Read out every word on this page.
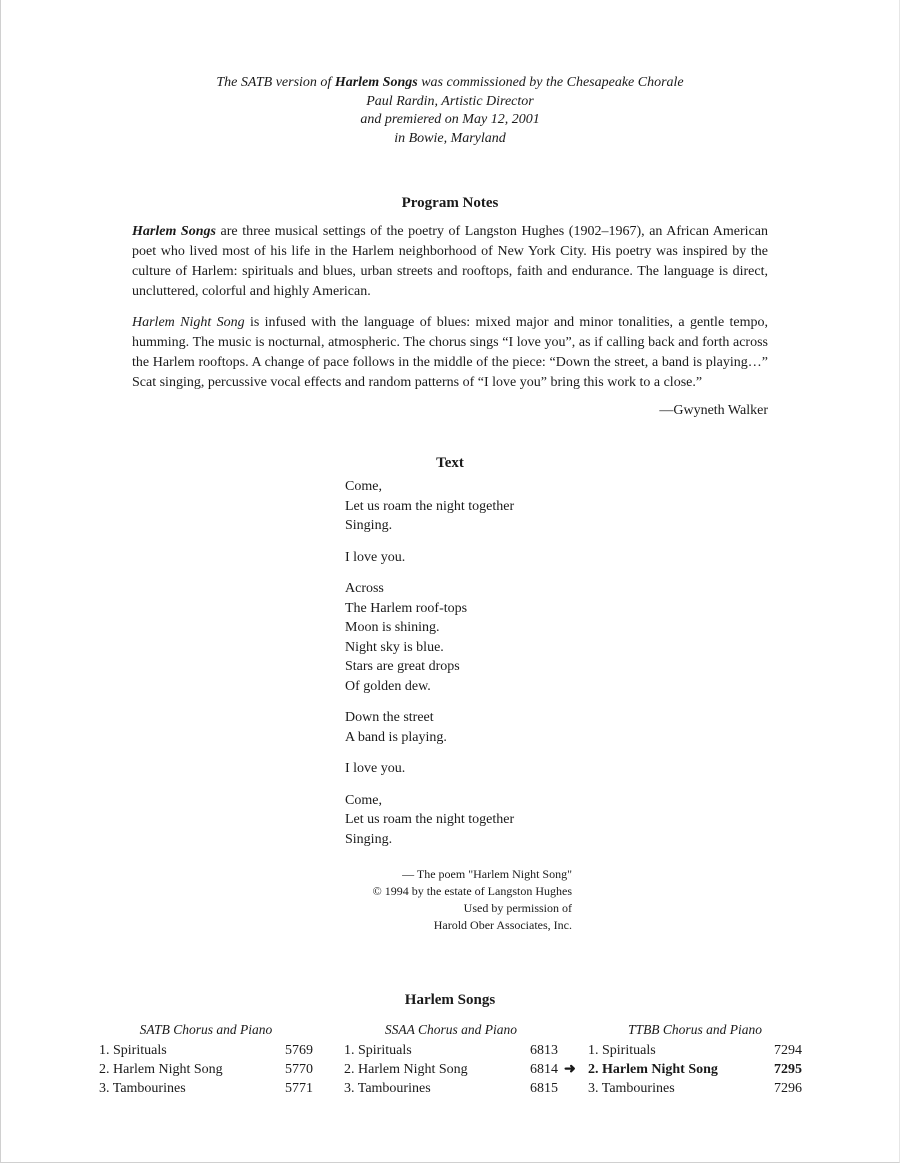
The SATB version of Harlem Songs was commissioned by the Chesapeake Chorale
Paul Rardin, Artistic Director
and premiered on May 12, 2001
in Bowie, Maryland
Program Notes

Harlem Songs are three musical settings of the poetry of Langston Hughes (1902–1967), an African American poet who lived most of his life in the Harlem neighborhood of New York City. His poetry was inspired by the culture of Harlem: spirituals and blues, urban streets and rooftops, faith and endurance. The language is direct, uncluttered, colorful and highly American.

Harlem Night Song is infused with the language of blues: mixed major and minor tonalities, a gentle tempo, humming. The music is nocturnal, atmospheric. The chorus sings “I love you”, as if calling back and forth across the Harlem rooftops. A change of pace follows in the middle of the piece: “Down the street, a band is playing…” Scat singing, percussive vocal effects and random patterns of “I love you” bring this work to a close.”

—Gwyneth Walker
Text
Come,
Let us roam the night together
Singing.
I love you.
Across
The Harlem roof-tops
Moon is shining.
Night sky is blue.
Stars are great drops
Of golden dew.
Down the street
A band is playing.
I love you.
Come,
Let us roam the night together
Singing.
— The poem "Harlem Night Song"
© 1994 by the estate of Langston Hughes
Used by permission of
Harold Ober Associates, Inc.
Harlem Songs
SATB Chorus and Piano
1. Spirituals	5769
2. Harlem Night Song	5770
3. Tambourines	5771
SSAA Chorus and Piano
1. Spirituals	6813
2. Harlem Night Song	6814
3. Tambourines	6815
TTBB Chorus and Piano
1. Spirituals	7294
➜ 2. Harlem Night Song	7295
3. Tambourines	7296
